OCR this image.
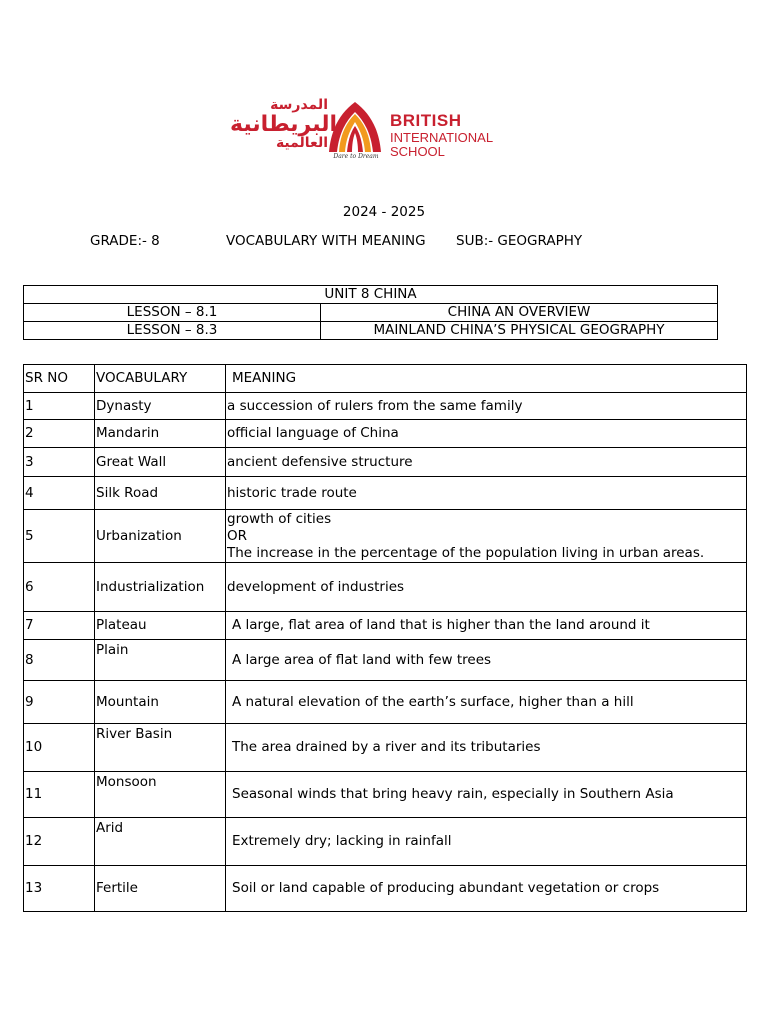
المدرسة
البريطانية
العالمية
Dare to Dream
BRITISH
INTERNATIONAL
SCHOOL
2024 - 2025
GRADE:- 8	VOCABULARY WITH MEANING SUB:- GEOGRAPHY
UNIT 8 CHINA	
LESSON – 8.1	CHINA AN OVERVIEW
LESSON – 8.3	MAINLAND CHINA’S PHYSICAL GEOGRAPHY
SR NO	VOCABULARY	MEANING
1	Dynasty	a succession of rulers from the same family
2	Mandarin	official language of China
3	Great Wall	ancient defensive structure
4	Silk Road	historic trade route
5	Urbanization	growth of cities
OR
The increase in the percentage of the population living in urban areas.

6	Industrialization	development of industries
7	Plateau	A large, flat area of land that is higher than the land around it
8	Plain	A large area of flat land with few trees
9	Mountain	A natural elevation of the earth’s surface, higher than a hill
10	River Basin	The area drained by a river and its tributaries
11	Monsoon	Seasonal winds that bring heavy rain, especially in Southern Asia
12	Arid	Extremely dry; lacking in rainfall
13	Fertile	Soil or land capable of producing abundant vegetation or crops
